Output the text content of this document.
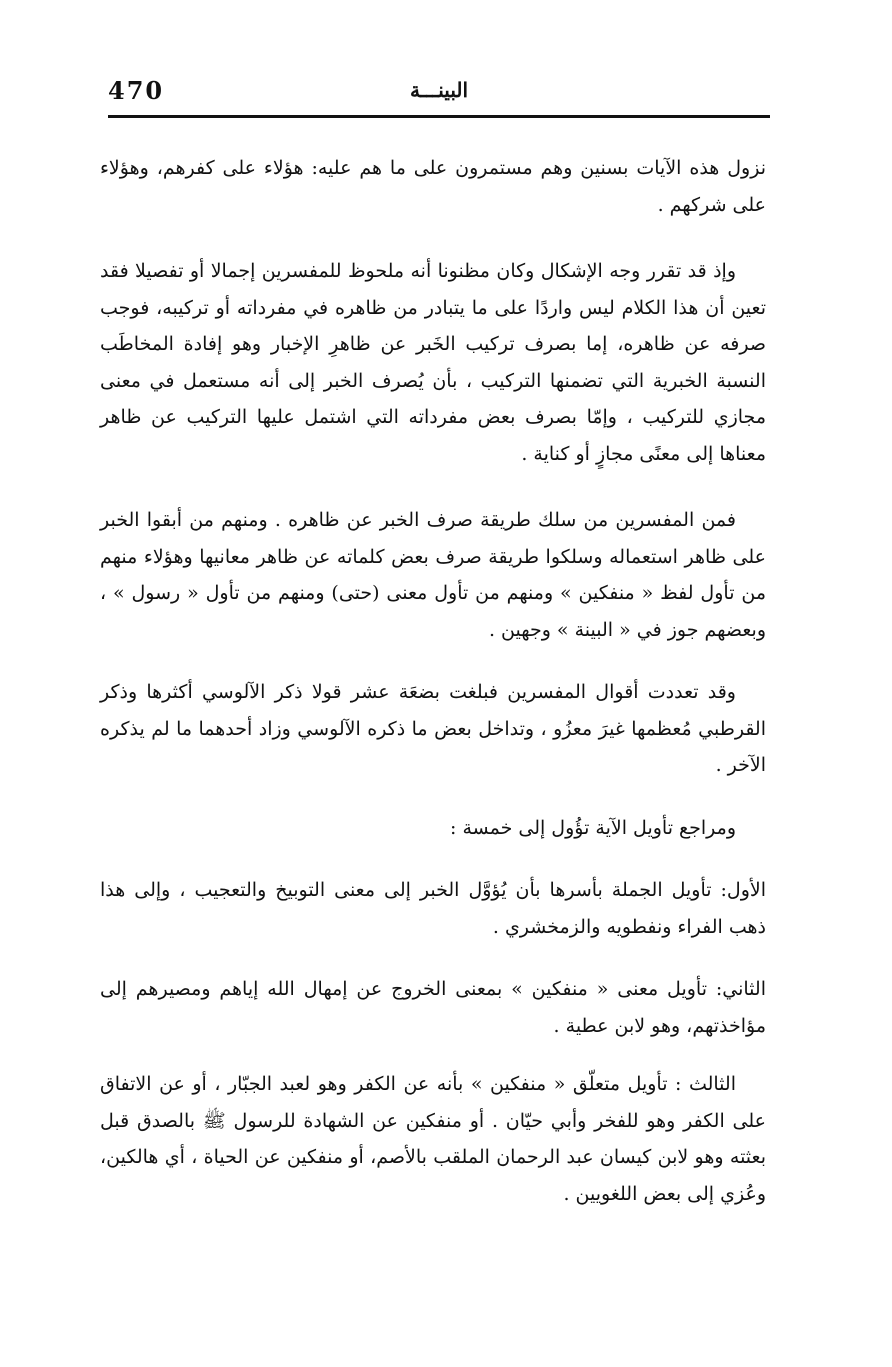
470	البينـــة

نزول هذه الآيات بسنين وهم مستمرون على ما هم عليه: هؤلاء على كفرهم، وهؤلاء على شركهم .

وإذ قد تقرر وجه الإشكال وكان مظنونا أنه ملحوظ للمفسرين إجمالا أو تفصيلا فقد تعين أن هذا الكلام ليس واردًا على ما يتبادر من ظاهره في مفرداته أو تركيبه، فوجب صرفه عن ظاهره، إما بصرف تركيب الخَبر عن ظاهرِ الإخبار وهو إفادة المخاطَب النسبة الخبرية التي تضمنها التركيب ، بأن يُصرف الخبر إلى أنه مستعمل في معنى مجازي للتركيب ، وإمّا بصرف بعض مفرداته التي اشتمل عليها التركيب عن ظاهر معناها إلى معنًى مجازٍ أو كناية .

فمن المفسرين من سلك طريقة صرف الخبر عن ظاهره . ومنهم من أبقوا الخبر على ظاهر استعماله وسلكوا طريقة صرف بعض كلماته عن ظاهر معانيها وهؤلاء منهم من تأول لفظ « منفكين » ومنهم من تأول معنى (حتى) ومنهم من تأول « رسول » ، وبعضهم جوز في « البينة » وجهين .

وقد تعددت أقوال المفسرين فبلغت بضعَة عشر قولا ذكر الآلوسي أكثرها وذكر القرطبي مُعظمها غيرَ معزُو ، وتداخل بعض ما ذكره الآلوسي وزاد أحدهما ما لم يذكره الآخر .

ومراجع تأويل الآية تؤُول إلى خمسة :

الأول: تأويل الجملة بأسرها بأن يُؤوَّل الخبر إلى معنى التوبيخ والتعجيب ، وإلى هذا ذهب الفراء ونفطويه والزمخشري .

الثاني: تأويل معنى « منفكين » بمعنى الخروج عن إمهال الله إياهم ومصيرهم إلى مؤاخذتهم، وهو لابن عطية .

الثالث : تأويل متعلّق « منفكين » بأنه عن الكفر وهو لعبد الجبّار ، أو عن الاتفاق على الكفر وهو للفخر وأبي حيّان . أو منفكين عن الشهادة للرسول ﷺ بالصدق قبل بعثته وهو لابن كيسان عبد الرحمان الملقب بالأصم، أو منفكين عن الحياة ، أي هالكين، وعُزي إلى بعض اللغويين .
